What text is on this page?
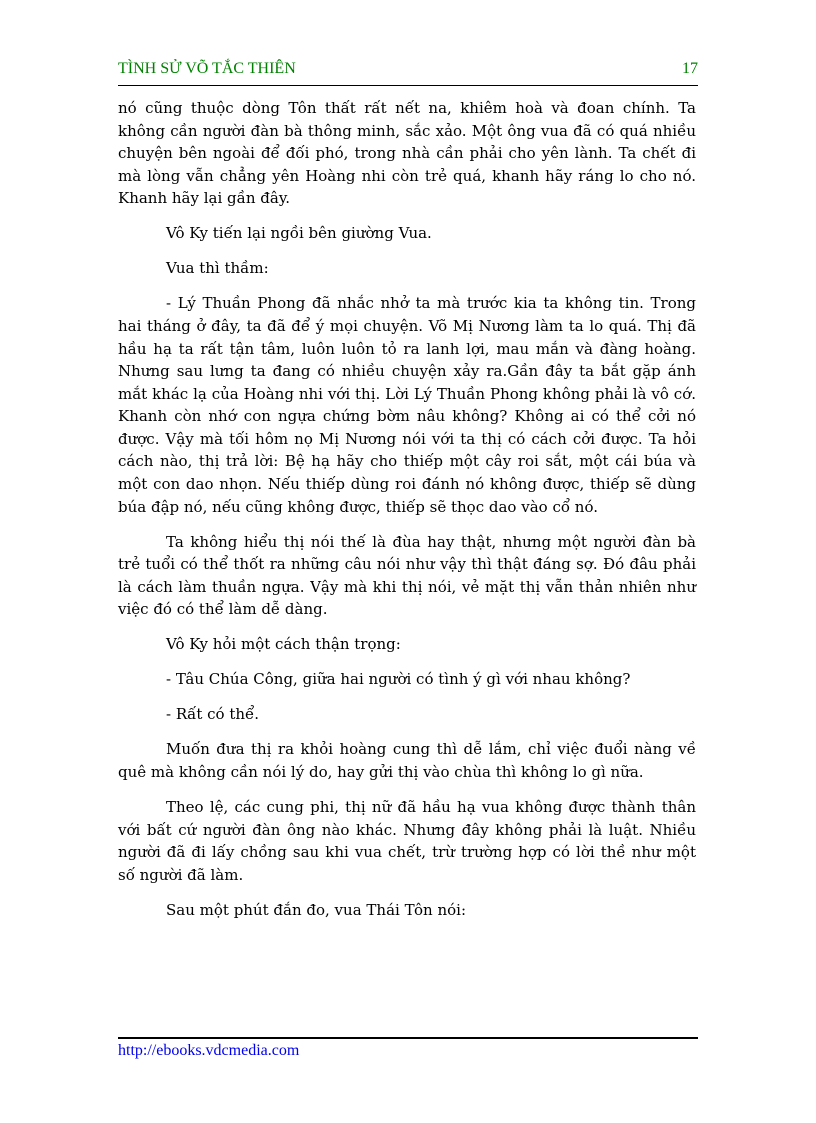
TÌNH SỬ VÕ TẮC THIÊN	17

nó cũng thuộc dòng Tôn thất rất nết na, khiêm hoà và đoan chính. Ta không cần người đàn bà thông minh, sắc xảo. Một ông vua đã có quá nhiều chuyện bên ngoài để đối phó, trong nhà cần phải cho yên lành. Ta chết đi mà lòng vẫn chẳng yên Hoàng nhi còn trẻ quá, khanh hãy ráng lo cho nó. Khanh hãy lại gần đây.

Vô Ky tiến lại ngồi bên giường Vua.

Vua thì thầm:

- Lý Thuần Phong đã nhắc nhở ta mà trước kia ta không tin. Trong hai tháng ở đây, ta đã để ý mọi chuyện. Võ Mị Nương làm ta lo quá. Thị đã hầu hạ ta rất tận tâm, luôn luôn tỏ ra lanh lợi, mau mắn và đàng hoàng. Nhưng sau lưng ta đang có nhiều chuyện xảy ra.Gần đây ta bắt gặp ánh mắt khác lạ của Hoàng nhi với thị. Lời Lý Thuần Phong không phải là vô cớ. Khanh còn nhớ con ngựa chứng bờm nâu không? Không ai có thể cởi nó được. Vậy mà tối hôm nọ Mị Nương nói với ta thị có cách cởi được. Ta hỏi cách nào, thị trả lời: Bệ hạ hãy cho thiếp một cây roi sắt, một cái búa và một con dao nhọn. Nếu thiếp dùng roi đánh nó không được, thiếp sẽ dùng búa đập nó, nếu cũng không được, thiếp sẽ thọc dao vào cổ nó.

Ta không hiểu thị nói thế là đùa hay thật, nhưng một người đàn bà trẻ tuổi có thể thốt ra những câu nói như vậy thì thật đáng sợ. Đó đâu phải là cách làm thuần ngựa. Vậy mà khi thị nói, vẻ mặt thị vẫn thản nhiên như việc đó có thể làm dễ dàng.

Vô Ky hỏi một cách thận trọng:

- Tâu Chúa Công, giữa hai người có tình ý gì với nhau không?

- Rất có thể.

Muốn đưa thị ra khỏi hoàng cung thì dễ lắm, chỉ việc đuổi nàng về quê mà không cần nói lý do, hay gửi thị vào chùa thì không lo gì nữa.

Theo lệ, các cung phi, thị nữ đã hầu hạ vua không được thành thân với bất cứ người đàn ông nào khác. Nhưng đây không phải là luật. Nhiều người đã đi lấy chồng sau khi vua chết, trừ trường hợp có lời thề như một số người đã làm.

Sau một phút đắn đo, vua Thái Tôn nói:

http://ebooks.vdcmedia.com
